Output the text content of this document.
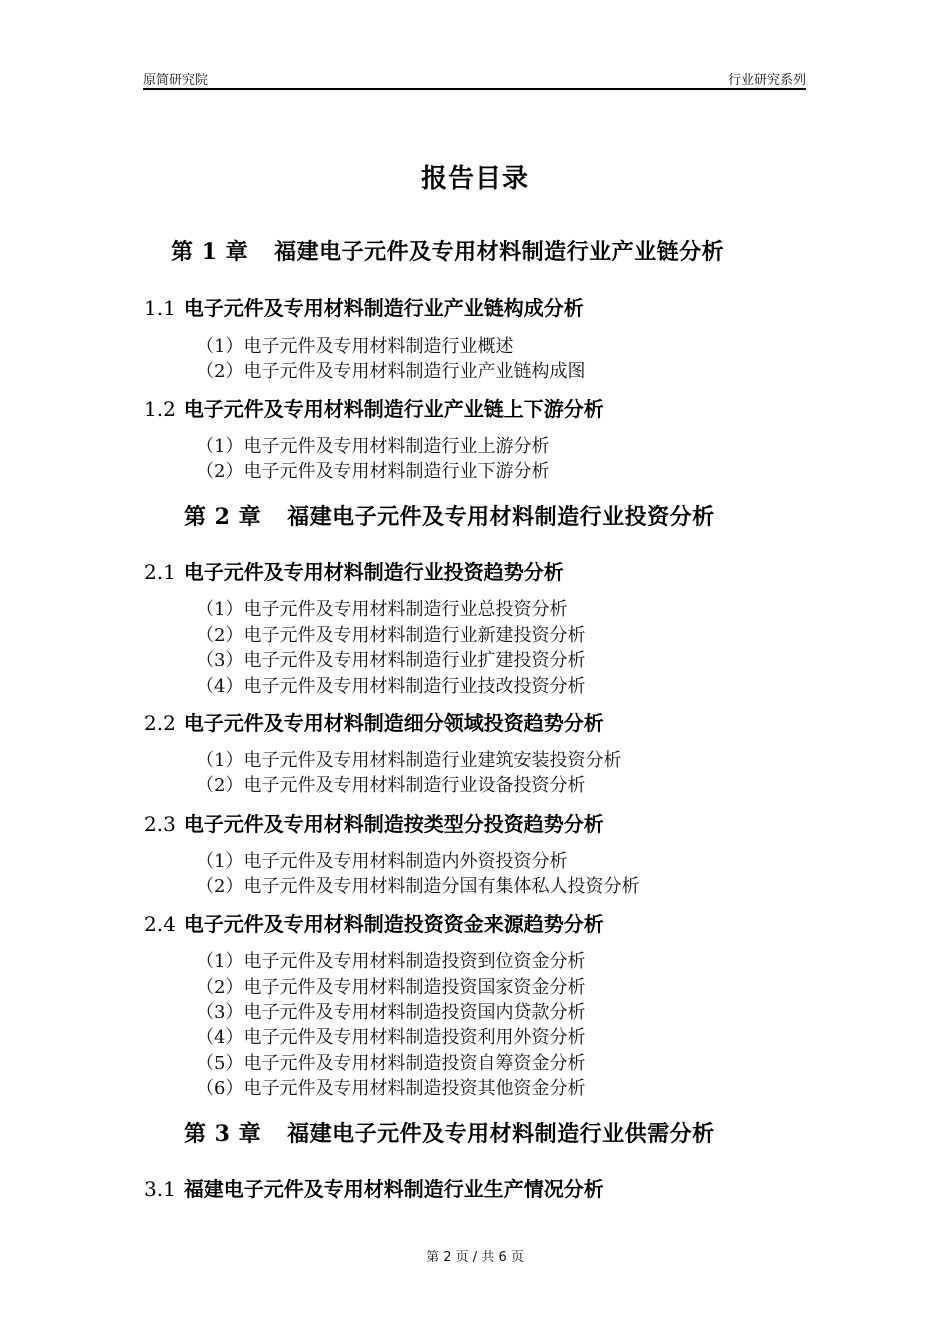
原简研究院	行业研究系列
报告目录
第 1 章 福建电子元件及专用材料制造行业产业链分析
1.1 电子元件及专用材料制造行业产业链构成分析
（1）电子元件及专用材料制造行业概述
（2）电子元件及专用材料制造行业产业链构成图
1.2 电子元件及专用材料制造行业产业链上下游分析
（1）电子元件及专用材料制造行业上游分析
（2）电子元件及专用材料制造行业下游分析
第 2 章 福建电子元件及专用材料制造行业投资分析
2.1 电子元件及专用材料制造行业投资趋势分析
（1）电子元件及专用材料制造行业总投资分析
（2）电子元件及专用材料制造行业新建投资分析
（3）电子元件及专用材料制造行业扩建投资分析
（4）电子元件及专用材料制造行业技改投资分析
2.2 电子元件及专用材料制造细分领域投资趋势分析
（1）电子元件及专用材料制造行业建筑安装投资分析
（2）电子元件及专用材料制造行业设备投资分析
2.3 电子元件及专用材料制造按类型分投资趋势分析
（1）电子元件及专用材料制造内外资投资分析
（2）电子元件及专用材料制造分国有集体私人投资分析
2.4 电子元件及专用材料制造投资资金来源趋势分析
（1）电子元件及专用材料制造投资到位资金分析
（2）电子元件及专用材料制造投资国家资金分析
（3）电子元件及专用材料制造投资国内贷款分析
（4）电子元件及专用材料制造投资利用外资分析
（5）电子元件及专用材料制造投资自筹资金分析
（6）电子元件及专用材料制造投资其他资金分析
第 3 章 福建电子元件及专用材料制造行业供需分析
3.1 福建电子元件及专用材料制造行业生产情况分析
第 2 页 / 共 6 页
